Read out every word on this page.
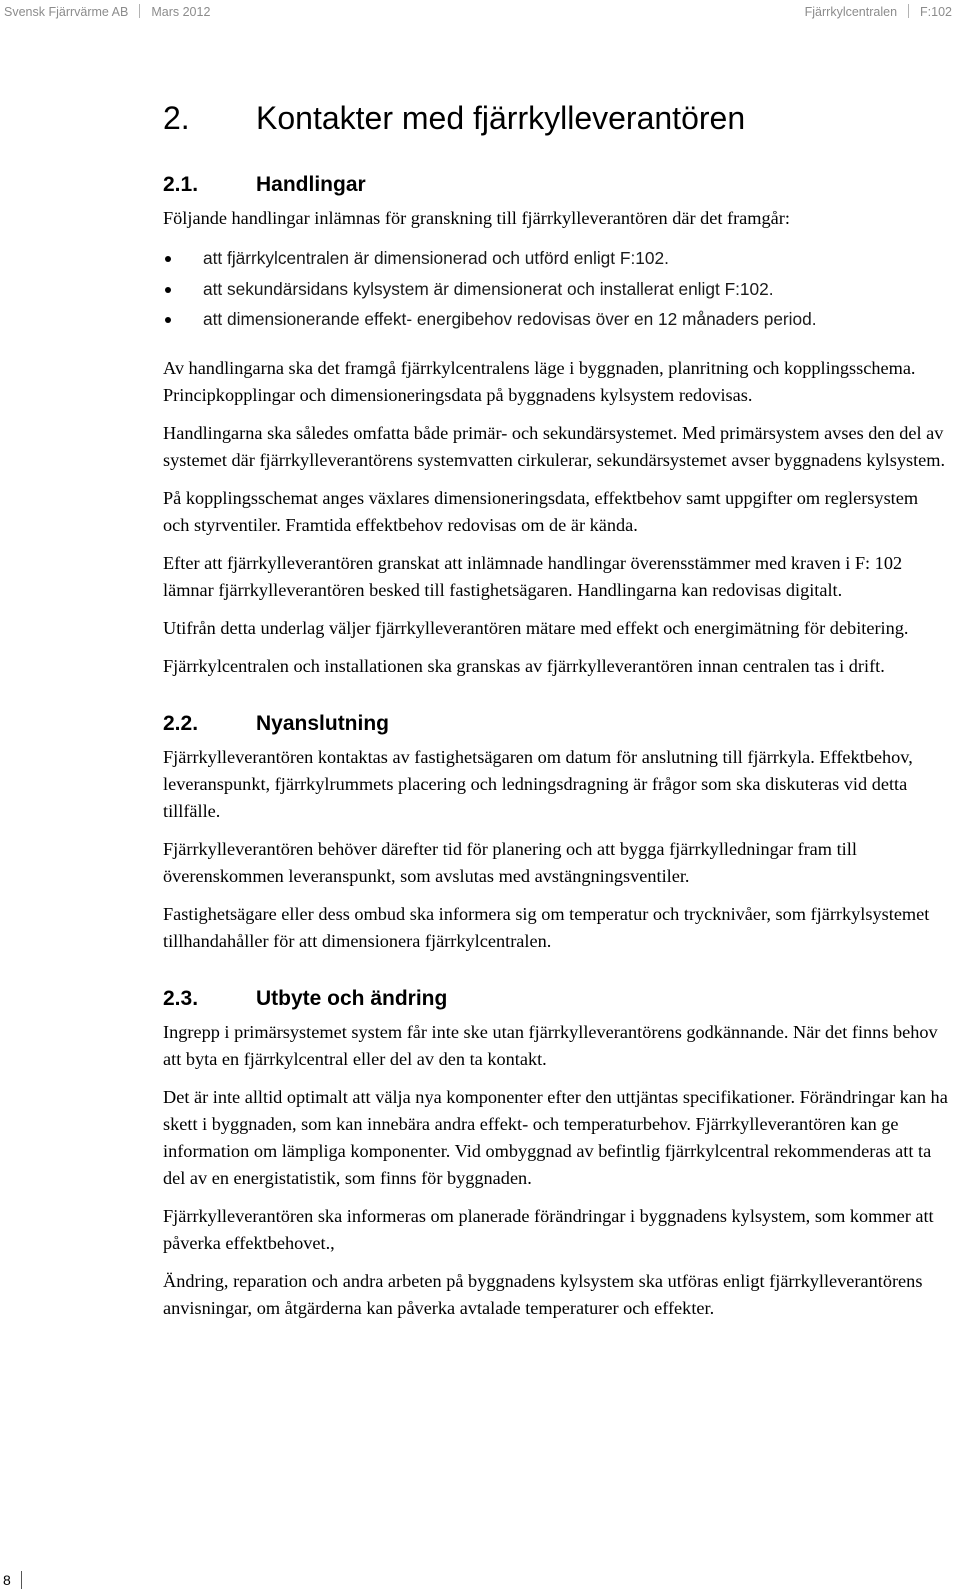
Svensk Fjärrvärme AB Mars 2012	Fjärrkylcentralen F:102
2. Kontakter med fjärrkylleverantören
2.1.	Handlingar

Följande handlingar inlämnas för granskning till fjärrkylleverantören där det framgår:

att fjärrkylcentralen är dimensionerad och utförd enligt F:102.
att sekundärsidans kylsystem är dimensionerat och installerat enligt F:102.
att dimensionerande effekt- energibehov redovisas över en 12 månaders period.

Av handlingarna ska det framgå fjärrkylcentralens läge i byggnaden, planritning och kopplingsschema. Principkopplingar och dimensioneringsdata på byggnadens kylsystem redovisas.

Handlingarna ska således omfatta både primär- och sekundärsystemet. Med primärsystem avses den del av systemet där fjärrkylleverantörens systemvatten cirkulerar, sekundärsystemet avser byggnadens kylsystem.

På kopplingsschemat anges växlares dimensioneringsdata, effektbehov samt uppgifter om reglersystem och styrventiler. Framtida effektbehov redovisas om de är kända.

Efter att fjärrkylleverantören granskat att inlämnade handlingar överensstämmer med kraven i F: 102 lämnar fjärrkylleverantören besked till fastighetsägaren. Handlingarna kan redovisas digitalt.

Utifrån detta underlag väljer fjärrkylleverantören mätare med effekt och energimätning för debitering.

Fjärrkylcentralen och installationen ska granskas av fjärrkylleverantören innan centralen tas i drift.

2.2.	Nyanslutning

Fjärrkylleverantören kontaktas av fastighetsägaren om datum för anslutning till fjärrkyla. Effektbehov, leveranspunkt, fjärrkylrummets placering och ledningsdragning är frågor som ska diskuteras vid detta tillfälle.

Fjärrkylleverantören behöver därefter tid för planering och att bygga fjärrkylledningar fram till överenskommen leveranspunkt, som avslutas med avstängningsventiler.

Fastighetsägare eller dess ombud ska informera sig om temperatur och trycknivåer, som fjärrkylsystemet tillhandahåller för att dimensionera fjärrkylcentralen.

2.3.	Utbyte och ändring

Ingrepp i primärsystemet system får inte ske utan fjärrkylleverantörens godkännande. När det finns behov att byta en fjärrkylcentral eller del av den ta kontakt.

Det är inte alltid optimalt att välja nya komponenter efter den uttjäntas specifikationer. Förändringar kan ha skett i byggnaden, som kan innebära andra effekt- och temperaturbehov. Fjärrkylleverantören kan ge information om lämpliga komponenter. Vid ombyggnad av befintlig fjärrkylcentral rekommenderas att ta del av en energistatistik, som finns för byggnaden.

Fjärrkylleverantören ska informeras om planerade förändringar i byggnadens kylsystem, som kommer att påverka effektbehovet.,

Ändring, reparation och andra arbeten på byggnadens kylsystem ska utföras enligt fjärrkylleverantörens anvisningar, om åtgärderna kan påverka avtalade temperaturer och effekter.

8
